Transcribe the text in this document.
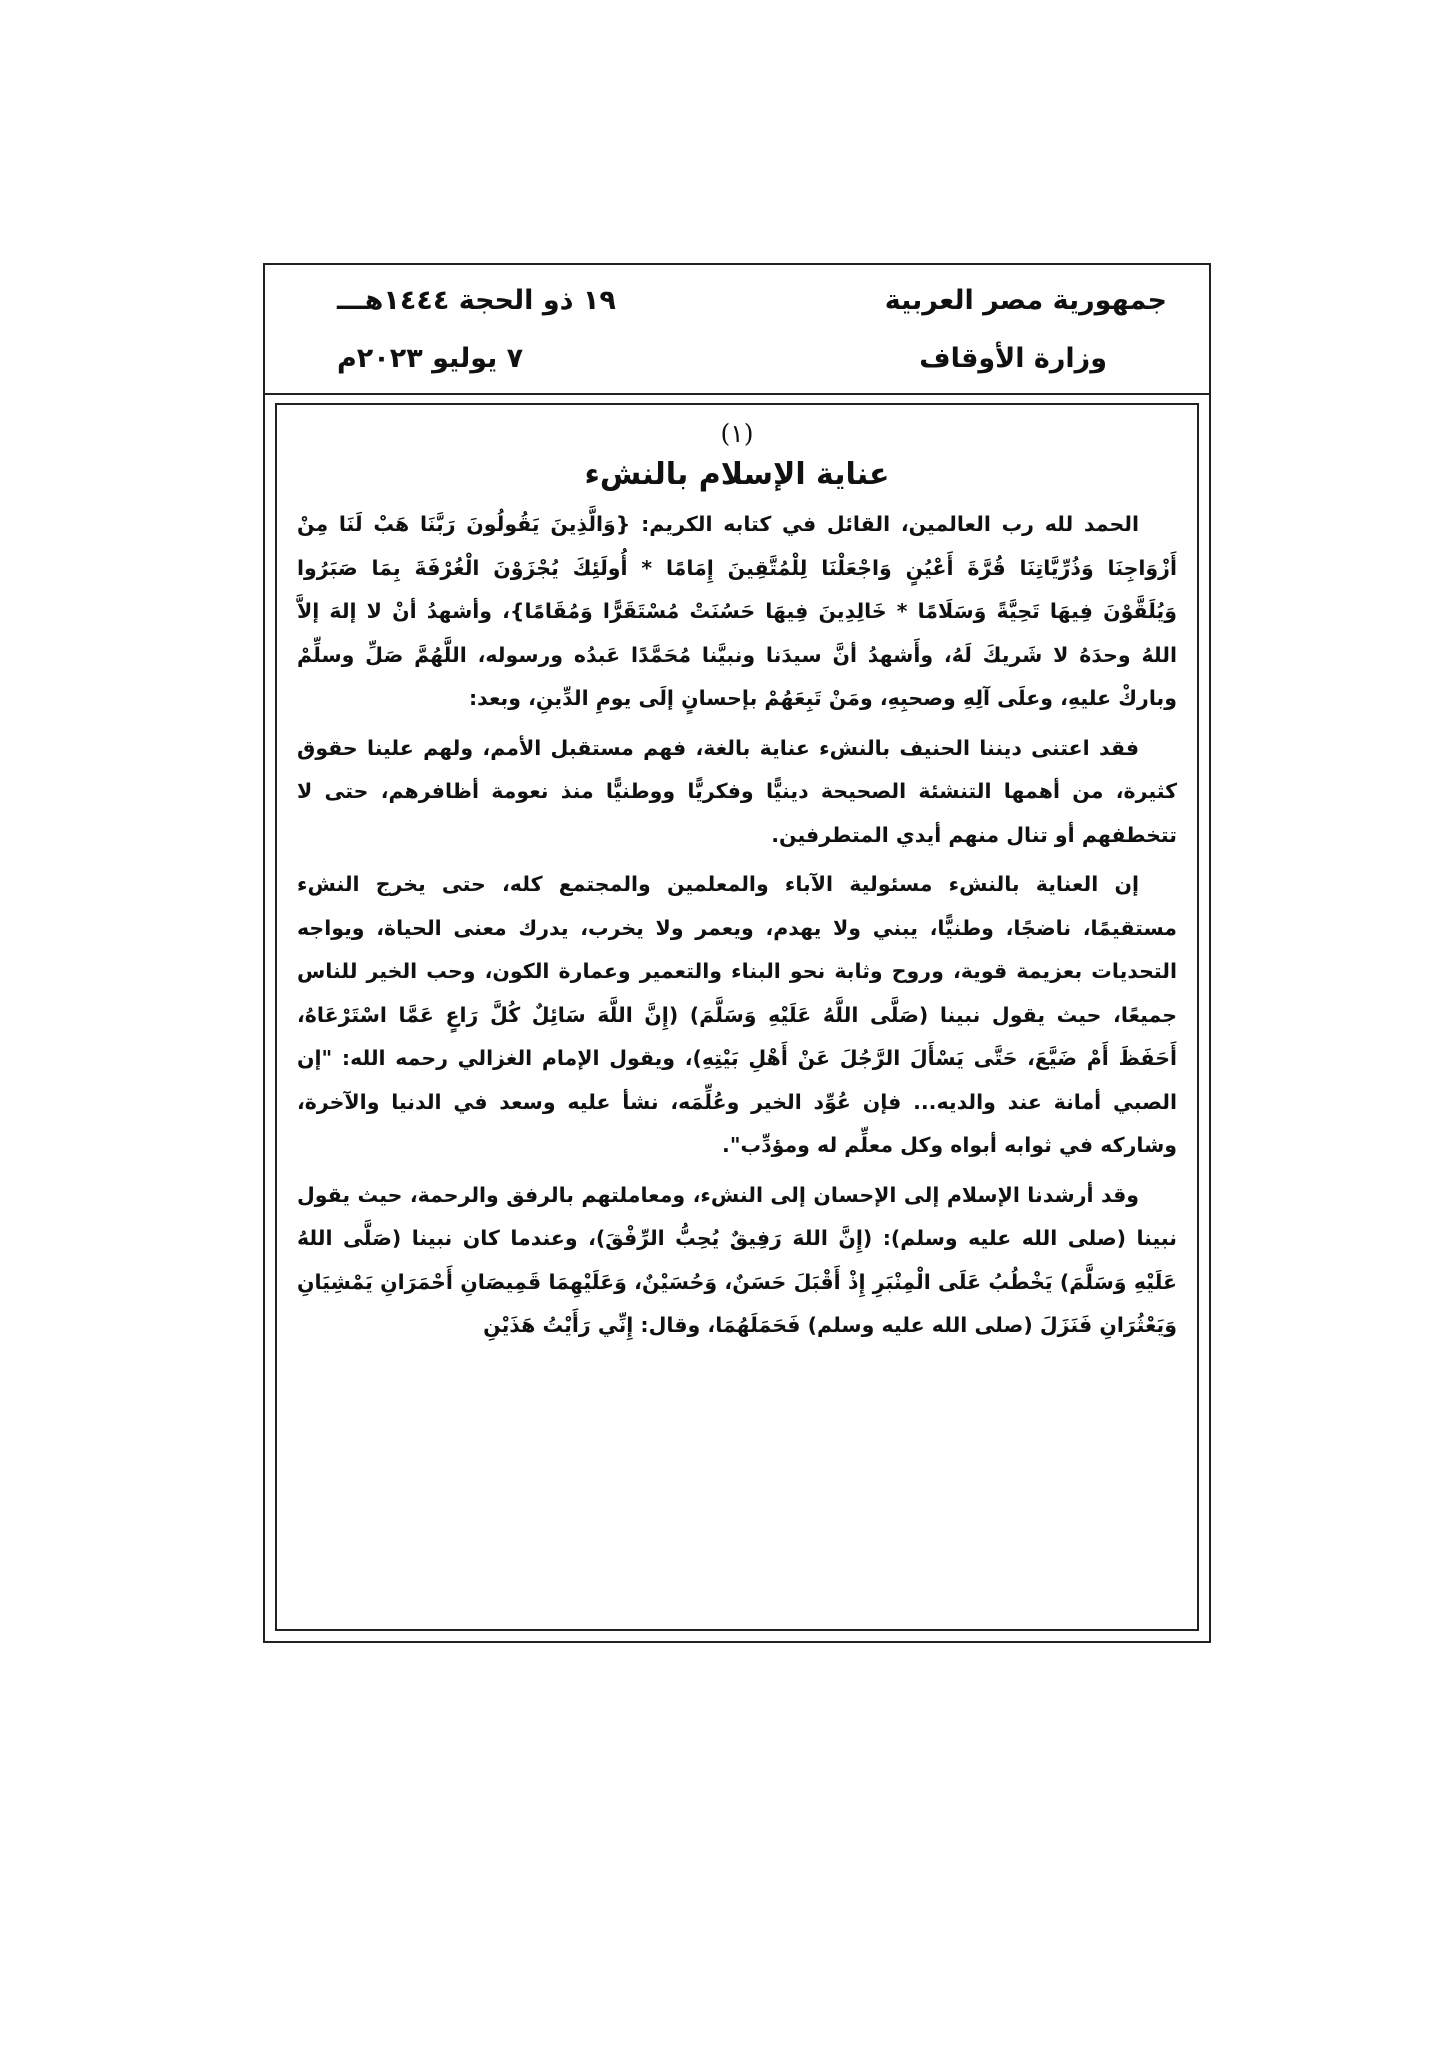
جمهورية مصر العربية
وزارة الأوقاف
١٩ ذو الحجة ١٤٤٤هـــ
٧ يوليو ٢٠٢٣م
(١)
عناية الإسلام بالنشء

الحمد لله رب العالمين، القائل في كتابه الكريم: {وَالَّذِينَ يَقُولُونَ رَبَّنَا هَبْ لَنَا مِنْ أَزْوَاجِنَا وَذُرِّيَّاتِنَا قُرَّةَ أَعْيُنٍ وَاجْعَلْنَا لِلْمُتَّقِينَ إِمَامًا * أُولَئِكَ يُجْزَوْنَ الْغُرْفَةَ بِمَا صَبَرُوا وَيُلَقَّوْنَ فِيهَا تَحِيَّةً وَسَلَامًا * خَالِدِينَ فِيهَا حَسُنَتْ مُسْتَقَرًّا وَمُقَامًا}، وأشهدُ أنْ لا إلهَ إلاَّ اللهُ وحدَهُ لا شَريكَ لَهُ، وأَشهدُ أنَّ سيدَنا ونبيَّنا مُحَمَّدًا عَبدُه ورسوله، اللَّهُمَّ صَلِّ وسلِّمْ وباركْ عليهِ، وعلَى آلِهِ وصحبِهِ، ومَنْ تَبِعَهُمْ بإحسانٍ إلَى يومِ الدِّينِ، وبعد:

فقد اعتنى ديننا الحنيف بالنشء عناية بالغة، فهم مستقبل الأمم، ولهم علينا حقوق كثيرة، من أهمها التنشئة الصحيحة دينيًّا وفكريًّا ووطنيًّا منذ نعومة أظافرهم، حتى لا تتخطفهم أو تنال منهم أيدي المتطرفين.

إن العناية بالنشء مسئولية الآباء والمعلمين والمجتمع كله، حتى يخرج النشء مستقيمًا، ناضجًا، وطنيًّا، يبني ولا يهدم، ويعمر ولا يخرب، يدرك معنى الحياة، ويواجه التحديات بعزيمة قوية، وروح وثابة نحو البناء والتعمير وعمارة الكون، وحب الخير للناس جميعًا، حيث يقول نبينا (صَلَّى اللَّهُ عَلَيْهِ وَسَلَّمَ) (إِنَّ اللَّهَ سَائِلٌ كُلَّ رَاعٍ عَمَّا اسْتَرْعَاهُ، أَحَفَظَ أَمْ ضَيَّعَ، حَتَّى يَسْأَلَ الرَّجُلَ عَنْ أَهْلِ بَيْتِهِ)، ويقول الإمام الغزالي رحمه الله: "إن الصبي أمانة عند والديه... فإن عُوِّد الخير وعُلِّمَه، نشأ عليه وسعد في الدنيا والآخرة، وشاركه في ثوابه أبواه وكل معلِّم له ومؤدِّب".

وقد أرشدنا الإسلام إلى الإحسان إلى النشء، ومعاملتهم بالرفق والرحمة، حيث يقول نبينا (صلى الله عليه وسلم): (إِنَّ اللهَ رَفِيقٌ يُحِبُّ الرِّفْقَ)، وعندما كان نبينا (صَلَّى اللهُ عَلَيْهِ وَسَلَّمَ) يَخْطُبُ عَلَى الْمِنْبَرِ إِذْ أَقْبَلَ حَسَنٌ، وَحُسَيْنٌ، وَعَلَيْهِمَا قَمِيصَانِ أَحْمَرَانِ يَمْشِيَانِ وَيَعْثُرَانِ فَنَزَلَ (صلى الله عليه وسلم) فَحَمَلَهُمَا، وقال: إِنِّي رَأَيْتُ هَذَيْنِ
